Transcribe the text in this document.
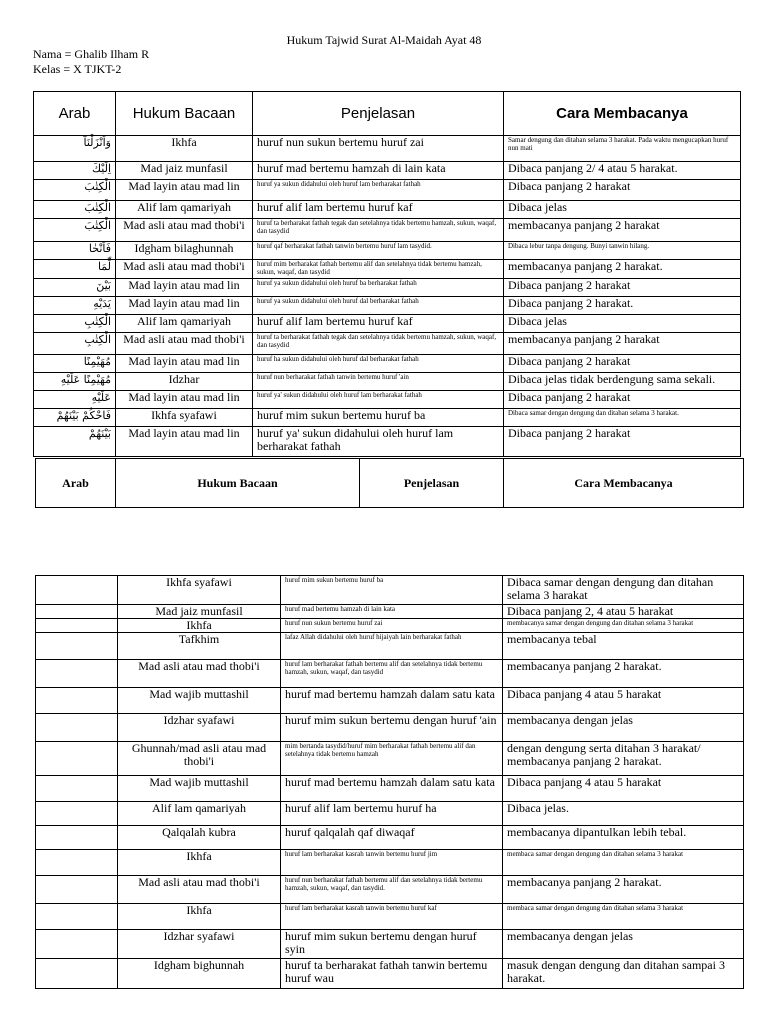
Hukum Tajwid Surat Al-Maidah Ayat 48
Nama = Ghalib Ilham R
Kelas = X TJKT-2
Arab	Hukum Bacaan	Penjelasan	Cara Membacanya
وَاَنْزَلْنَآ	Ikhfa	huruf nun sukun bertemu huruf zai	Samar dengung dan ditahan selama 3 harakat. Pada waktu mengucapkan huruf nun mati
اِلَيْكَ	Mad jaiz munfasil	huruf mad bertemu hamzah di lain kata	Dibaca panjang 2/ 4 atau 5 harakat.
الْكِتٰبَ	Mad layin atau mad lin	huruf ya sukun didahului oleh huruf lam berharakat fathah	Dibaca panjang 2 harakat
الْكِتٰبَ	Alif lam qamariyah	huruf alif lam bertemu huruf kaf	Dibaca jelas
الْكِتٰبَ	Mad asli atau mad thobi'i	huruf ta berharakat fathah tegak dan setelahnya tidak bertemu hamzah, sukun, waqaf, dan tasydid	membacanya panjang 2 harakat
فَاَنْحٰا	Idgham bilaghunnah	huruf qaf berharakat fathah tanwin bertemu huruf lam tasydid.	Dibaca lebur tanpa dengung. Bunyi tanwin hilang.
لِّمَا	Mad asli atau mad thobi'i	huruf mim berharakat fathah bertemu alif dan setelahnya tidak bertemu hamzah, sukun, waqaf, dan tasydid	membacanya panjang 2 harakat.
بَيْنَ	Mad layin atau mad lin	huruf ya sukun didahului oleh huruf ba berharakat fathah	Dibaca panjang 2 harakat
يَدَيْهِ	Mad layin atau mad lin	huruf ya sukun didahului oleh huruf dal berharakat fathah	Dibaca panjang 2 harakat.
الْكِتٰبِ	Alif lam qamariyah	huruf alif lam bertemu huruf kaf	Dibaca jelas
الْكِتٰبِ	Mad asli atau mad thobi'i	huruf ta berharakat fathah tegak dan setelahnya tidak bertemu hamzah, sukun, waqaf, dan tasydid	membacanya panjang 2 harakat
مُهَيْمِنًا	Mad layin atau mad lin	huruf ha sukun didahului oleh huruf dal berharakat fathah	Dibaca panjang 2 harakat
مُهَيْمِنًا عَلَيْهِ	Idzhar	huruf nun berharakat fathah tanwin bertemu huruf 'ain	Dibaca jelas tidak berdengung sama sekali.
عَلَيْهِ	Mad layin atau mad lin	huruf ya' sukun didahului oleh huruf lam berharakat fathah	Dibaca panjang 2 harakat
فَاحْكُمْ بَيْنَهُمْ	Ikhfa syafawi	huruf mim sukun bertemu huruf ba	Dibaca samar dengan dengung dan ditahan selama 3 harakat.
بَيْنَهُمْ	Mad layin atau mad lin	huruf ya' sukun didahului oleh huruf lam berharakat fathah	Dibaca panjang 2 harakat
Arab	Hukum Bacaan	Penjelasan	Cara Membacanya
	Ikhfa syafawi	huruf mim sukun bertemu huruf ba	Dibaca samar dengan dengung dan ditahan selama 3 harakat
	Mad jaiz munfasil	huruf mad bertemu hamzah di lain kata	Dibaca panjang 2, 4 atau 5 harakat
	Ikhfa	huruf nun sukun bertemu huruf zai	membacanya samar dengan dengung dan ditahan selama 3 harakat
	Tafkhim	lafaz Allah didahului oleh huruf hijaiyah lain berharakat fathah	membacanya tebal
	Mad asli atau mad thobi'i	huruf lam berharakat fathah bertemu alif dan setelahnya tidak bertemu hamzah, sukun, waqaf, dan tasydid	membacanya panjang 2 harakat.
	Mad wajib muttashil	huruf mad bertemu hamzah dalam satu kata	Dibaca panjang 4 atau 5 harakat
	Idzhar syafawi	huruf mim sukun bertemu dengan huruf 'ain	membacanya dengan jelas
	Ghunnah/mad asli atau mad thobi'i	mim bertanda tasydid/huruf mim berharakat fathah bertemu alif dan setelahnya tidak bertemu hamzah	dengan dengung serta ditahan 3 harakat/ membacanya panjang 2 harakat.
	Mad wajib muttashil	huruf mad bertemu hamzah dalam satu kata	Dibaca panjang 4 atau 5 harakat
	Alif lam qamariyah	huruf alif lam bertemu huruf ha	Dibaca jelas.
	Qalqalah kubra	huruf qalqalah qaf diwaqaf	membacanya dipantulkan lebih tebal.
	Ikhfa	huruf lam berharakat kasrah tanwin bertemu huruf jim	membaca samar dengan dengung dan ditahan selama 3 harakat
	Mad asli atau mad thobi'i	huruf nun berharakat fathah bertemu alif dan setelahnya tidak bertemu hamzah, sukun, waqaf, dan tasydid.	membacanya panjang 2 harakat.
	Ikhfa	huruf lam berharakat kasrah tanwin bertemu huruf kaf	membaca samar dengan dengung dan ditahan selama 3 harakat
	Idzhar syafawi	huruf mim sukun bertemu dengan huruf syin	membacanya dengan jelas
	Idgham bighunnah	huruf ta berharakat fathah tanwin bertemu huruf wau	masuk dengan dengung dan ditahan sampai 3 harakat.
